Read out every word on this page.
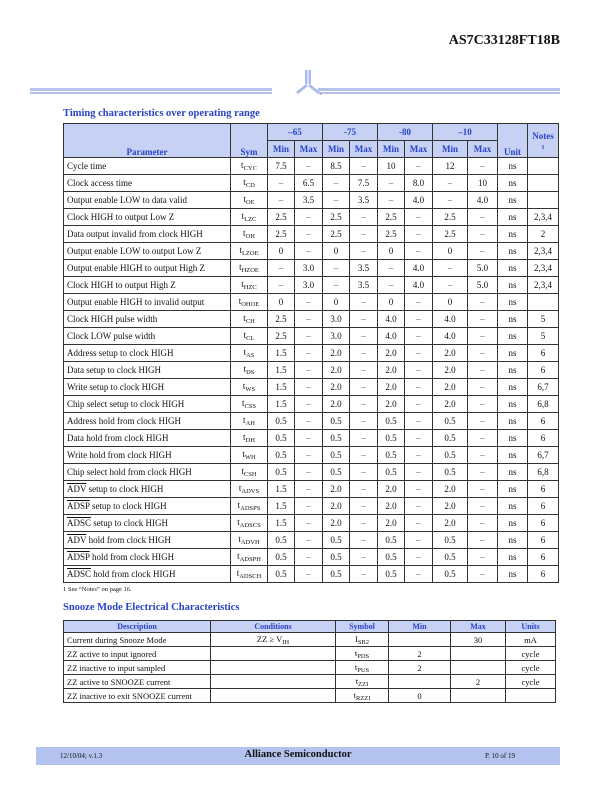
AS7C33128FT18B
Timing characteristics over operating range
Parameter	Sym	–65		-75		-80		–10		Unit	Notes
1
		Min	Max	Min	Max	Min	Max	Min	Max		
Cycle time	$t_{CYC}$	7.5	–	8.5	–	10	–	12	–	ns	
Clock access time	$t_{CD}$	–	6.5	–	7.5	–	8.0	–	10	ns	
Output enable LOW to data valid	$t_{OE}$	–	3.5	–	3.5	–	4.0	–	4.0	ns	
Clock HIGH to output Low Z	$t_{LZC}$	2.5	–	2.5	–	2.5	–	2.5	–	ns	2,3,4
Data output invalid from clock HIGH	$t_{OH}$	2.5	–	2.5	–	2.5	–	2.5	–	ns	2
Output enable LOW to output Low Z	$t_{LZOE}$	0	–	0	–	0	–	0	–	ns	2,3,4
Output enable HIGH to output High Z	$t_{HZOE}$	–	3.0	–	3.5	–	4.0	–	5.0	ns	2,3,4
Clock HIGH to output High Z	$t_{HZC}$	–	3.0	–	3.5	–	4.0	–	5.0	ns	2,3,4
Output enable HIGH to invalid output	$t_{OHOE}$	0	–	0	–	0	–	0	–	ns	
Clock HIGH pulse width	$t_{CH}$	2.5	–	3.0	–	4.0	–	4.0	–	ns	5
Clock LOW pulse width	$t_{CL}$	2.5	–	3.0	–	4.0	–	4.0	–	ns	5
Address setup to clock HIGH	$t_{AS}$	1.5	–	2.0	–	2.0	–	2.0	–	ns	6
Data setup to clock HIGH	$t_{DS}$	1.5	–	2.0	–	2.0	–	2.0	–	ns	6
Write setup to clock HIGH	$t_{WS}$	1.5	–	2.0	–	2.0	–	2.0	–	ns	6,7
Chip select setup to clock HIGH	$t_{CSS}$	1.5	–	2.0	–	2.0	–	2.0	–	ns	6,8
Address hold from clock HIGH	$t_{AH}$	0.5	–	0.5	–	0.5	–	0.5	–	ns	6
Data hold from clock HIGH	$t_{DH}$	0.5	–	0.5	–	0.5	–	0.5	–	ns	6
Write hold from clock HIGH	$t_{WH}$	0.5	–	0.5	–	0.5	–	0.5	–	ns	6,7
Chip select hold from clock HIGH	$t_{CSH}$	0.5	–	0.5	–	0.5	–	0.5	–	ns	6,8
$\overline{ADV}$ setup to clock HIGH	$t_{ADVS}$	1.5	–	2.0	–	2.0	–	2.0	–	ns	6
ADSP setup to clock HIGH	$t_{ADSPS}$	1.5	–	2.0	–	2.0	–	2.0	–	ns	6
ADSC setup to clock HIGH	$t_{ADSCS}$	1.5	–	2.0	–	2.0	–	2.0	–	ns	6
$\overline{ADV}$ hold from clock HIGH	$t_{ADVH}$	0.5	–	0.5	–	0.5	–	0.5	–	ns	6
ADSP hold from clock HIGH	$t_{ADSPH}$	0.5	–	0.5	–	0.5	–	0.5	–	ns	6
ADSC hold from clock HIGH	$t_{ADSCH}$	0.5	–	0.5	–	0.5	–	0.5	–	ns	6
1 See “Notes” on page 16.
Snooze Mode Electrical Characteristics
Description	Conditions	Symbol	Min	Max	Units
Current during Snooze Mode	ZZ ≥ $V_{IH}$	$I_{SB2}$		30	mA
ZZ active to input ignored		$t_{PDS}$	2		cycle
ZZ inactive to input sampled		$t_{PUS}$	2		cycle
ZZ active to SNOOZE current		$t_{ZZI}$		2	cycle
ZZ inactive to exit SNOOZE current		$t_{RZZI}$	0		
12/10/04; v.1.3	Alliance Semiconductor	P. 10 of 19
